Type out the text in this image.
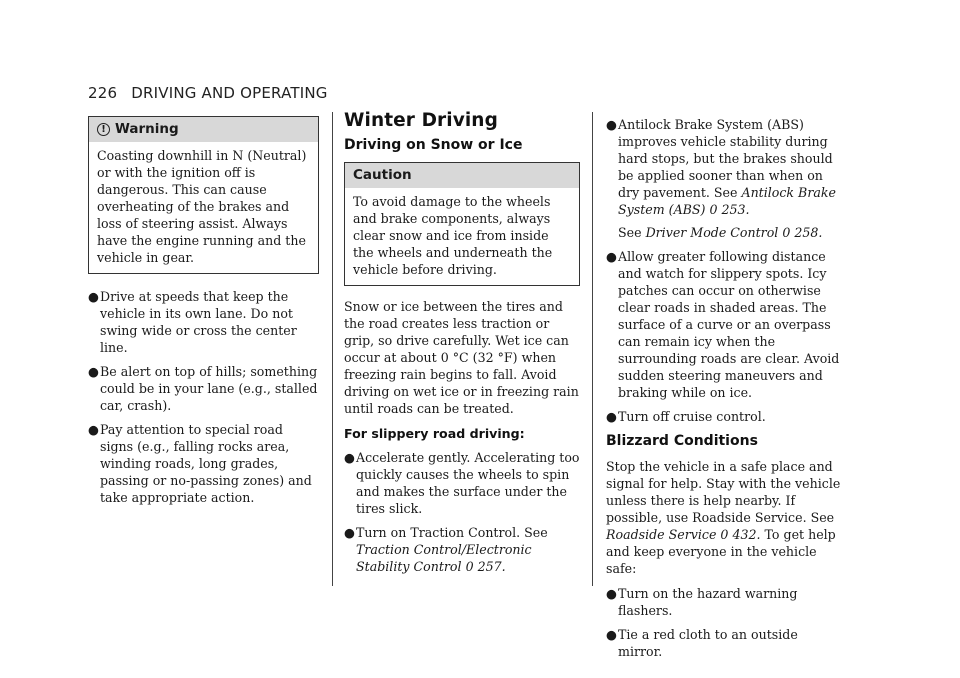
226 DRIVING AND OPERATING
! Warning
Coasting downhill in N (Neutral) or with the ignition off is dangerous. This can cause overheating of the brakes and loss of steering assist. Always have the engine running and the vehicle in gear.
● Drive at speeds that keep the vehicle in its own lane. Do not swing wide or cross the center line.
● Be alert on top of hills; something could be in your lane (e.g., stalled car, crash).
● Pay attention to special road signs (e.g., falling rocks area, winding roads, long grades, passing or no-passing zones) and take appropriate action.
Winter Driving
Driving on Snow or Ice
Caution
To avoid damage to the wheels and brake components, always clear snow and ice from inside the wheels and underneath the vehicle before driving.

Snow or ice between the tires and the road creates less traction or grip, so drive carefully. Wet ice can occur at about 0 °C (32 °F) when freezing rain begins to fall. Avoid driving on wet ice or in freezing rain until roads can be treated.

For slippery road driving:
● Accelerate gently. Accelerating too quickly causes the wheels to spin and makes the surface under the tires slick.
● Turn on Traction Control. See Traction Control/Electronic Stability Control 0 257.
● Antilock Brake System (ABS) improves vehicle stability during hard stops, but the brakes should be applied sooner than when on dry pavement. See Antilock Brake System (ABS) 0 253.
See Driver Mode Control 0 258.
● Allow greater following distance and watch for slippery spots. Icy patches can occur on otherwise clear roads in shaded areas. The surface of a curve or an overpass can remain icy when the surrounding roads are clear. Avoid sudden steering maneuvers and braking while on ice.
● Turn off cruise control.
Blizzard Conditions

Stop the vehicle in a safe place and signal for help. Stay with the vehicle unless there is help nearby. If possible, use Roadside Service. See Roadside Service 0 432. To get help and keep everyone in the vehicle safe:

● Turn on the hazard warning flashers.
● Tie a red cloth to an outside mirror.
